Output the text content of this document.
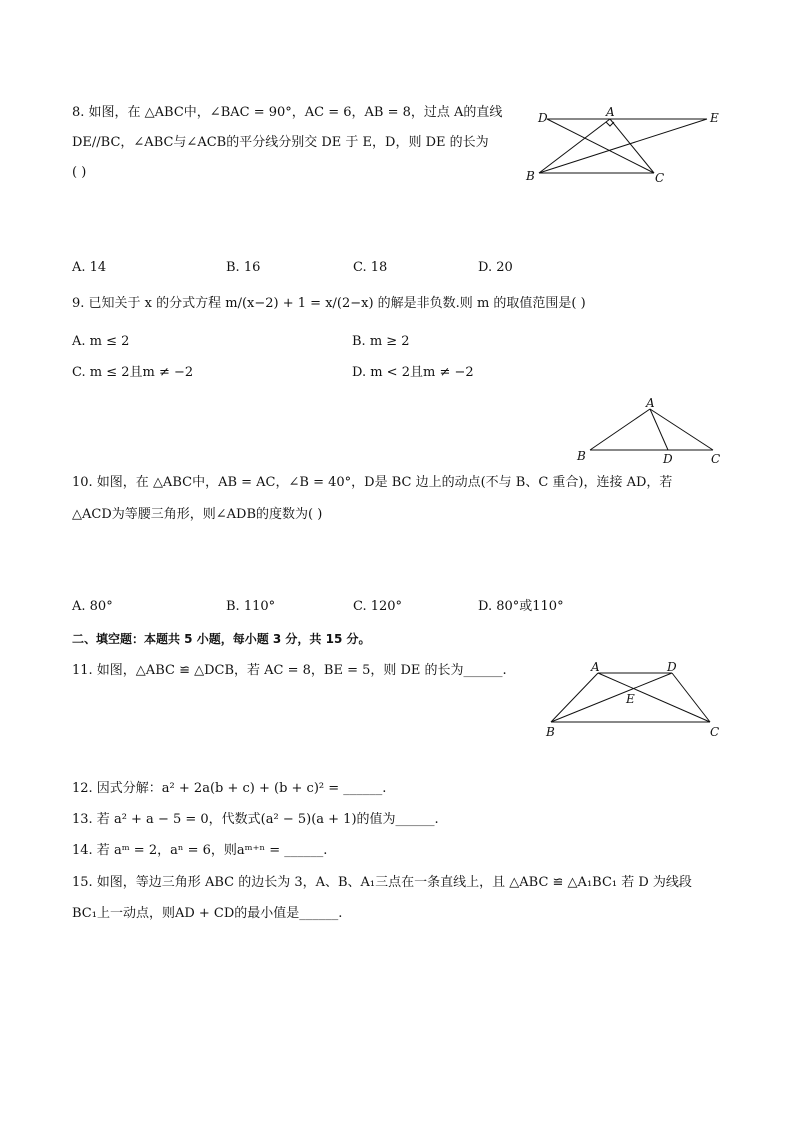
8. 如图，在 △ABC中，∠BAC = 90°，AC = 6，AB = 8，过点 A的直线
DE//BC，∠ABC与∠ACB的平分线分别交 DE 于 E，D，则 DE 的长为
( )
D	A	E
B	C
A. 14	B. 16	C. 18	D. 20
9. 已知关于 x 的分式方程 m/(x−2) + 1 = x/(2−x) 的解是非负数.则 m 的取值范围是( )
A. m ≤ 2	B. m ≥ 2
C. m ≤ 2且m ≠ −2	D. m < 2且m ≠ −2
A
B	D	C
10. 如图，在 △ABC中，AB = AC，∠B = 40°，D是 BC 边上的动点(不与 B、C 重合)，连接 AD，若
△ACD为等腰三角形，则∠ADB的度数为( )
A. 80°	B. 110°	C. 120°	D. 80°或110°
二、填空题：本题共 5 小题，每小题 3 分，共 15 分。
11. 如图，△ABC ≌ △DCB，若 AC = 8，BE = 5，则 DE 的长为______.	A	D
E
B	C
12. 因式分解：a² + 2a(b + c) + (b + c)² = ______.
13. 若 a² + a − 5 = 0，代数式(a² − 5)(a + 1)的值为______.
14. 若 aᵐ = 2，aⁿ = 6，则aᵐ⁺ⁿ = ______.
15. 如图，等边三角形 ABC 的边长为 3，A、B、A₁三点在一条直线上，且 △ABC ≌ △A₁BC₁ 若 D 为线段
BC₁上一动点，则AD + CD的最小值是______.
